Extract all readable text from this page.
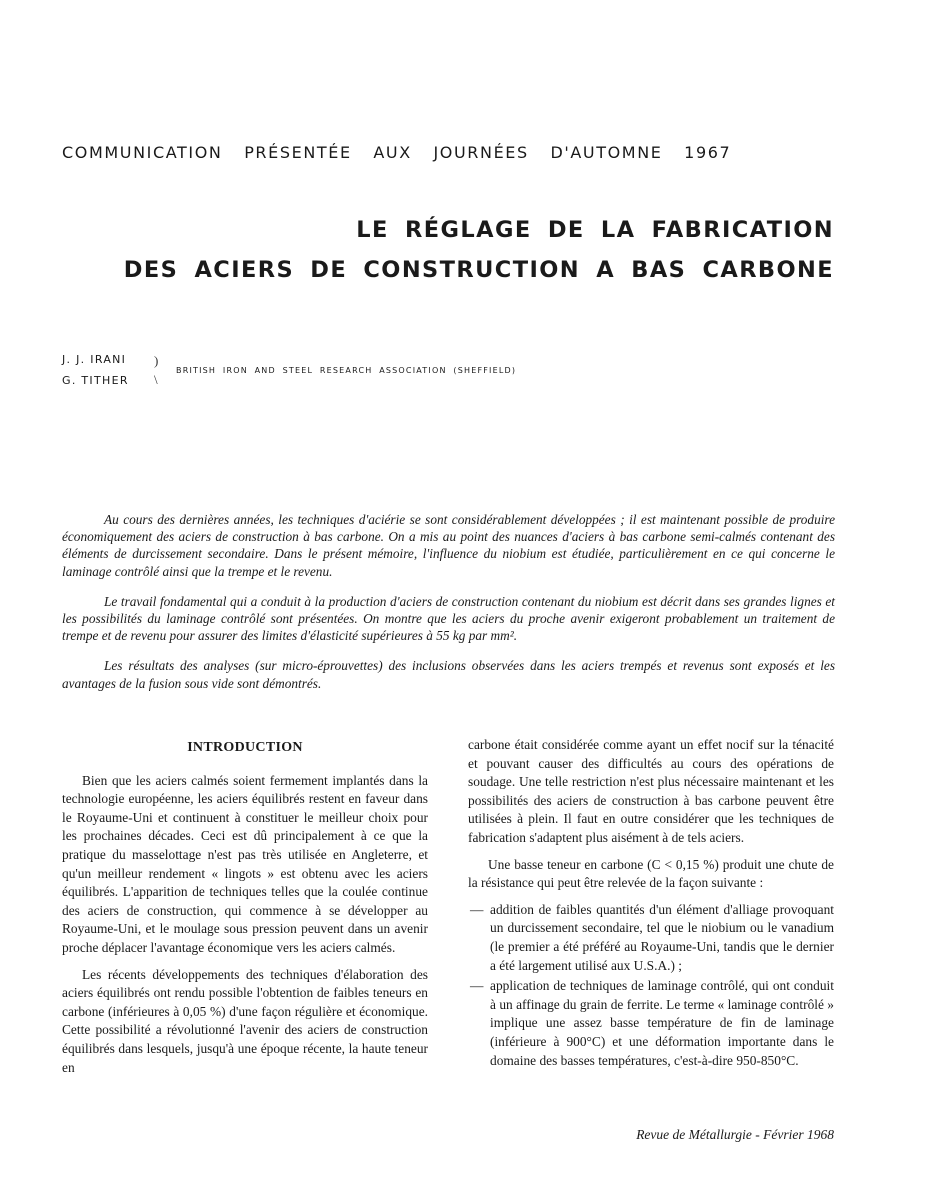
COMMUNICATION PRÉSENTÉE AUX JOURNÉES D'AUTOMNE 1967
LE RÉGLAGE DE LA FABRICATION
DES ACIERS DE CONSTRUCTION A BAS CARBONE
J. J. IRANI
G. TITHER
)
\
BRITISH IRON AND STEEL RESEARCH ASSOCIATION (SHEFFIELD)

Au cours des dernières années, les techniques d'aciérie se sont considérablement développées ; il est maintenant possible de produire économiquement des aciers de construction à bas carbone. On a mis au point des nuances d'aciers à bas carbone semi-calmés contenant des éléments de durcissement secondaire. Dans le présent mémoire, l'influence du niobium est étudiée, particulièrement en ce qui concerne le laminage contrôlé ainsi que la trempe et le revenu.

Le travail fondamental qui a conduit à la production d'aciers de construction contenant du niobium est décrit dans ses grandes lignes et les possibilités du laminage contrôlé sont présentées. On montre que les aciers du proche avenir exigeront probablement un traitement de trempe et de revenu pour assurer des limites d'élasticité supérieures à 55 kg par mm².

Les résultats des analyses (sur micro-éprouvettes) des inclusions observées dans les aciers trempés et revenus sont exposés et les avantages de la fusion sous vide sont démontrés.

INTRODUCTION

Bien que les aciers calmés soient fermement implantés dans la technologie européenne, les aciers équilibrés restent en faveur dans le Royaume-Uni et continuent à constituer le meilleur choix pour les prochaines décades. Ceci est dû principalement à ce que la pratique du masselottage n'est pas très utilisée en Angleterre, et qu'un meilleur rendement « lingots » est obtenu avec les aciers équilibrés. L'apparition de techniques telles que la coulée continue des aciers de construction, qui commence à se développer au Royaume-Uni, et le moulage sous pression peuvent dans un avenir proche déplacer l'avantage économique vers les aciers calmés.

Les récents développements des techniques d'élaboration des aciers équilibrés ont rendu possible l'obtention de faibles teneurs en carbone (inférieures à 0,05 %) d'une façon régulière et économique. Cette possibilité a révolutionné l'avenir des aciers de construction équilibrés dans lesquels, jusqu'à une époque récente, la haute teneur en

carbone était considérée comme ayant un effet nocif sur la ténacité et pouvant causer des difficultés au cours des opérations de soudage. Une telle restriction n'est plus nécessaire maintenant et les possibilités des aciers de construction à bas carbone peuvent être utilisées à plein. Il faut en outre considérer que les techniques de fabrication s'adaptent plus aisément à de tels aciers.

Une basse teneur en carbone (C < 0,15 %) produit une chute de la résistance qui peut être relevée de la façon suivante :

— addition de faibles quantités d'un élément d'alliage provoquant un durcissement secondaire, tel que le niobium ou le vanadium (le premier a été préféré au Royaume-Uni, tandis que le dernier a été largement utilisé aux U.S.A.) ;
— application de techniques de laminage contrôlé, qui ont conduit à un affinage du grain de ferrite. Le terme « laminage contrôlé » implique une assez basse température de fin de laminage (inférieure à 900°C) et une déformation importante dans le domaine des basses températures, c'est-à-dire 950-850°C.
Revue de Métallurgie - Février 1968
